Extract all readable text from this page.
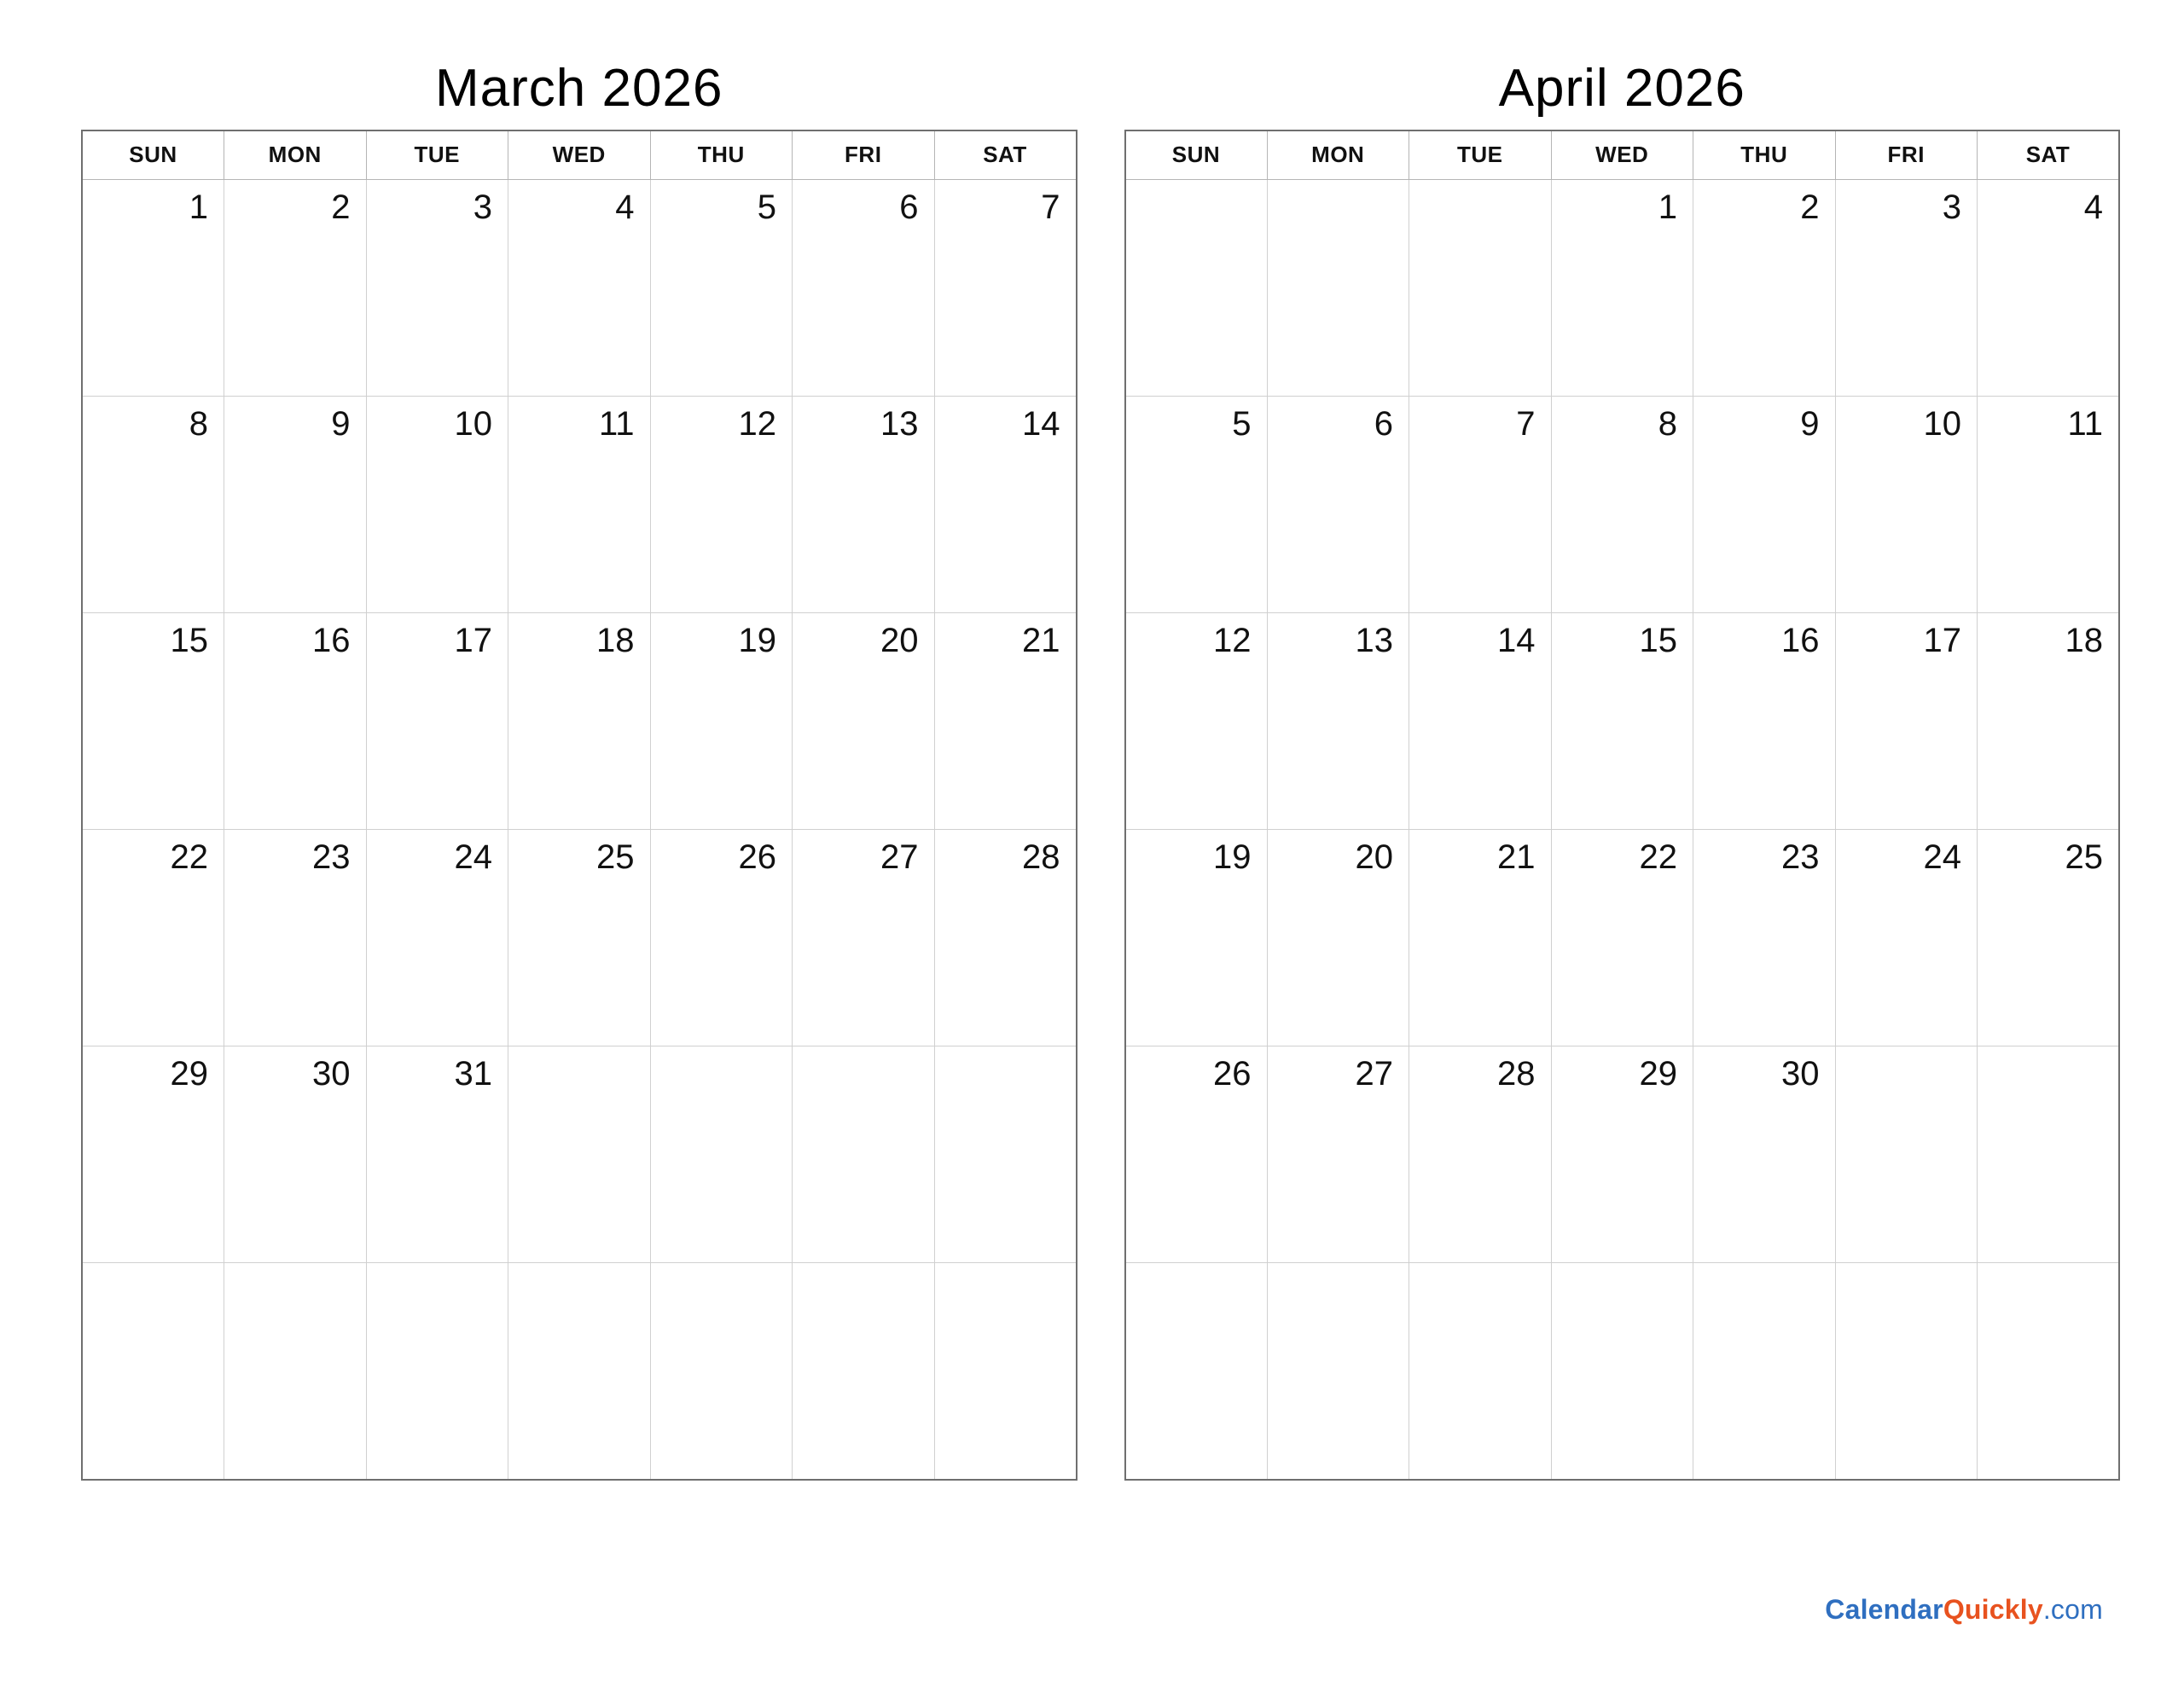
March 2026
SUN	MON	TUE	WED	THU	FRI	SAT
1	2	3	4	5	6	7
8	9	10	11	12	13	14
15	16	17	18	19	20	21
22	23	24	25	26	27	28
29	30	31				

April 2026
SUN	MON	TUE	WED	THU	FRI	SAT
			1	2	3	4
5	6	7	8	9	10	11
12	13	14	15	16	17	18
19	20	21	22	23	24	25
26	27	28	29	30		

CalendarQuickly.com
